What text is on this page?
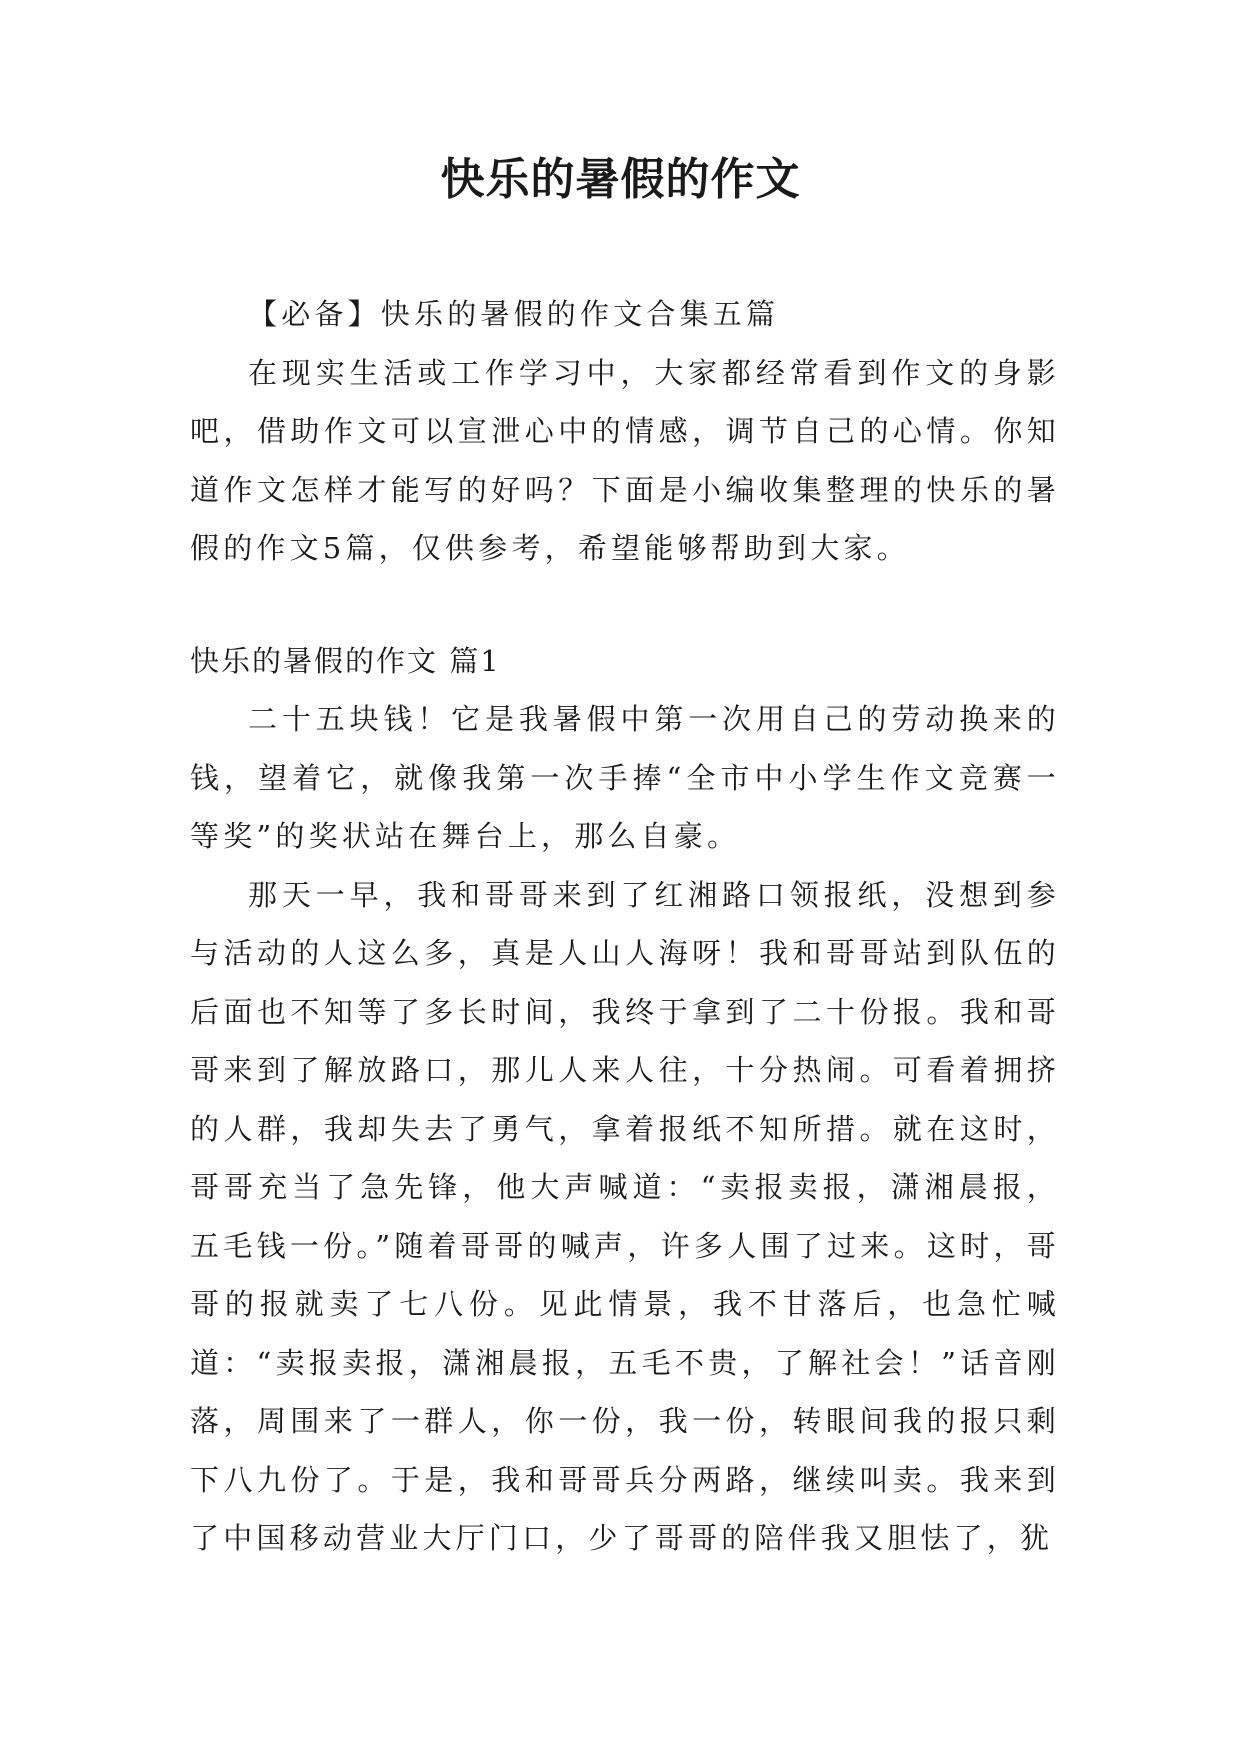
快乐的暑假的作文

【必备】快乐的暑假的作文合集五篇

在现实生活或工作学习中，大家都经常看到作文的身影吧，借助作文可以宣泄心中的情感，调节自己的心情。你知道作文怎样才能写的好吗？下面是小编收集整理的快乐的暑假的作文5篇，仅供参考，希望能够帮助到大家。

快乐的暑假的作文 篇1

二十五块钱！它是我暑假中第一次用自己的劳动换来的钱，望着它，就像我第一次手捧“全市中小学生作文竞赛一等奖”的奖状站在舞台上，那么自豪。

那天一早，我和哥哥来到了红湘路口领报纸，没想到参与活动的人这么多，真是人山人海呀！我和哥哥站到队伍的后面也不知等了多长时间，我终于拿到了二十份报。我和哥哥来到了解放路口，那儿人来人往，十分热闹。可看着拥挤的人群，我却失去了勇气，拿着报纸不知所措。就在这时，哥哥充当了急先锋，他大声喊道：“卖报卖报，潇湘晨报，五毛钱一份。”随着哥哥的喊声，许多人围了过来。这时，哥哥的报就卖了七八份。见此情景，我不甘落后，也急忙喊道：“卖报卖报，潇湘晨报，五毛不贵，了解社会！”话音刚落，周围来了一群人，你一份，我一份，转眼间我的报只剩下八九份了。于是，我和哥哥兵分两路，继续叫卖。我来到了中国移动营业大厅门口，少了哥哥的陪伴我又胆怯了，犹
